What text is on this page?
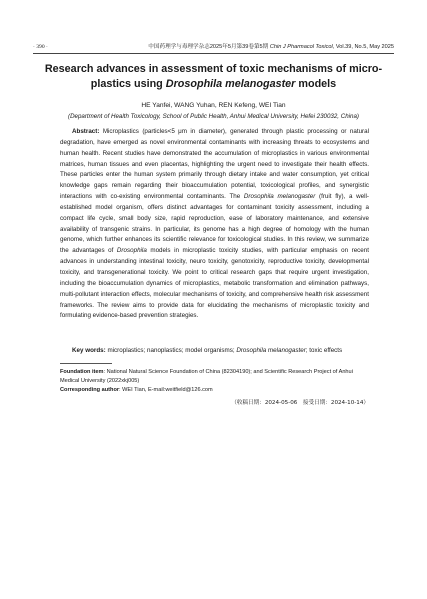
· 390 ·	中国药理学与毒理学杂志2025年5月第39卷第5期 Chin J Pharmacol Toxicol, Vol.39, No.5, May 2025
Research advances in assessment of toxic mechanisms of micro-plastics using Drosophila melanogaster models
HE Yanfei, WANG Yuhan, REN Kefeng, WEI Tian
(Department of Health Toxicology, School of Public Health, Anhui Medical University, Hefei 230032, China)

Abstract: Microplastics (particles<5 μm in diameter), generated through plastic processing or natural degradation, have emerged as novel environmental contaminants with increasing threats to ecosystems and human health. Recent studies have demonstrated the accumulation of microplastics in various environmental matrices, human tissues and even placentas, highlighting the urgent need to investigate their health effects. These particles enter the human system primarily through dietary intake and water consumption, yet critical knowledge gaps remain regarding their bioaccumulation potential, toxicological profiles, and synergistic interactions with co-existing environmental contaminants. The Drosophila melanogaster (fruit fly), a well-established model organism, offers distinct advantages for contaminant toxicity assessment, including a compact life cycle, small body size, rapid reproduction, ease of laboratory maintenance, and extensive availability of transgenic strains. In particular, its genome has a high degree of homology with the human genome, which further enhances its scientific relevance for toxicological studies. In this review, we summarize the advantages of Drosophila models in microplastic toxicity studies, with particular emphasis on recent advances in understanding intestinal toxicity, neuro toxicity, genotoxicity, reproductive toxicity, developmental toxicity, and transgenerational toxicity. We point to critical research gaps that require urgent investigation, including the bioaccumulation dynamics of microplastics, metabolic transformation and elimination pathways, multi-pollutant interaction effects, molecular mechanisms of toxicity, and comprehensive health risk assessment frameworks. The review aims to provide data for elucidating the mechanisms of microplastic toxicity and formulating evidence-based prevention strategies.

Key words: microplastics; nanoplastics; model organisms; Drosophila melanogaster; toxic effects

Foundation item: National Natural Science Foundation of China (82304190); and Scientific Research Project of Anhui Medical University (2022xkj005)

Corresponding author: WEI Tian, E-mail:weitfield@126.com

（收稿日期：2024-05-06　接受日期：2024-10-14）
